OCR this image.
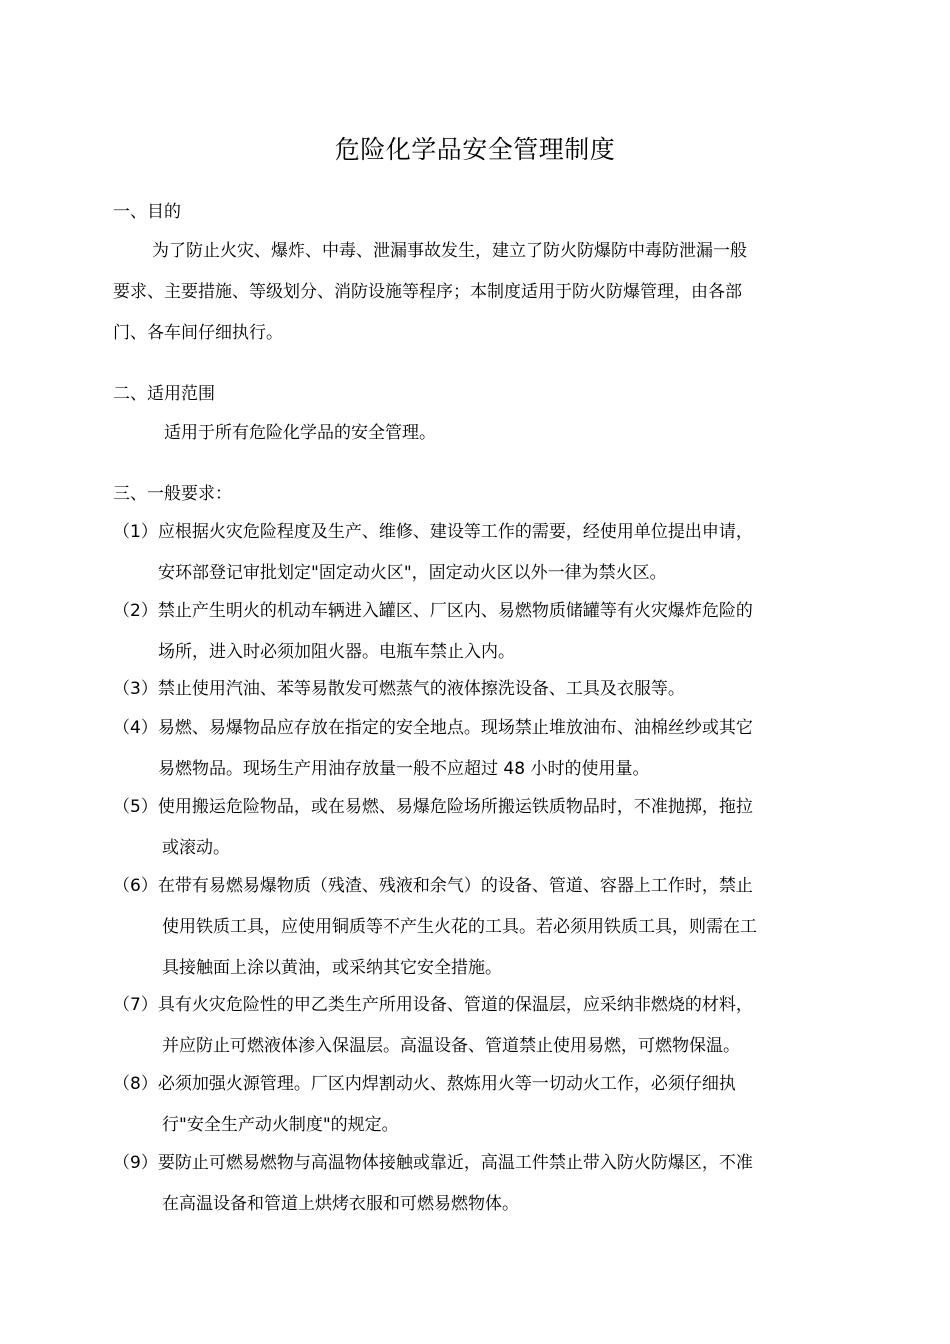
危险化学品安全管理制度
一、目的
为了防止火灾、爆炸、中毒、泄漏事故发生，建立了防火防爆防中毒防泄漏一般
要求、主要措施、等级划分、消防设施等程序；本制度适用于防火防爆管理，由各部
门、各车间仔细执行。
二、适用范围
适用于所有危险化学品的安全管理。
三、一般要求：
（1）应根据火灾危险程度及生产、维修、建设等工作的需要，经使用单位提出申请，
安环部登记审批划定"固定动火区"，固定动火区以外一律为禁火区。
（2）禁止产生明火的机动车辆进入罐区、厂区内、易燃物质储罐等有火灾爆炸危险的
场所，进入时必须加阻火器。电瓶车禁止入内。
（3）禁止使用汽油、苯等易散发可燃蒸气的液体擦洗设备、工具及衣服等。
（4）易燃、易爆物品应存放在指定的安全地点。现场禁止堆放油布、油棉丝纱或其它
易燃物品。现场生产用油存放量一般不应超过 48 小时的使用量。
（5）使用搬运危险物品，或在易燃、易爆危险场所搬运铁质物品时，不准抛掷，拖拉
或滚动。
（6）在带有易燃易爆物质（残渣、残液和余气）的设备、管道、容器上工作时，禁止
使用铁质工具，应使用铜质等不产生火花的工具。若必须用铁质工具，则需在工
具接触面上涂以黄油，或采纳其它安全措施。
（7）具有火灾危险性的甲乙类生产所用设备、管道的保温层，应采纳非燃烧的材料，
并应防止可燃液体渗入保温层。高温设备、管道禁止使用易燃，可燃物保温。
（8）必须加强火源管理。厂区内焊割动火、熬炼用火等一切动火工作，必须仔细执
行"安全生产动火制度"的规定。
（9）要防止可燃易燃物与高温物体接触或靠近，高温工件禁止带入防火防爆区，不准
在高温设备和管道上烘烤衣服和可燃易燃物体。
